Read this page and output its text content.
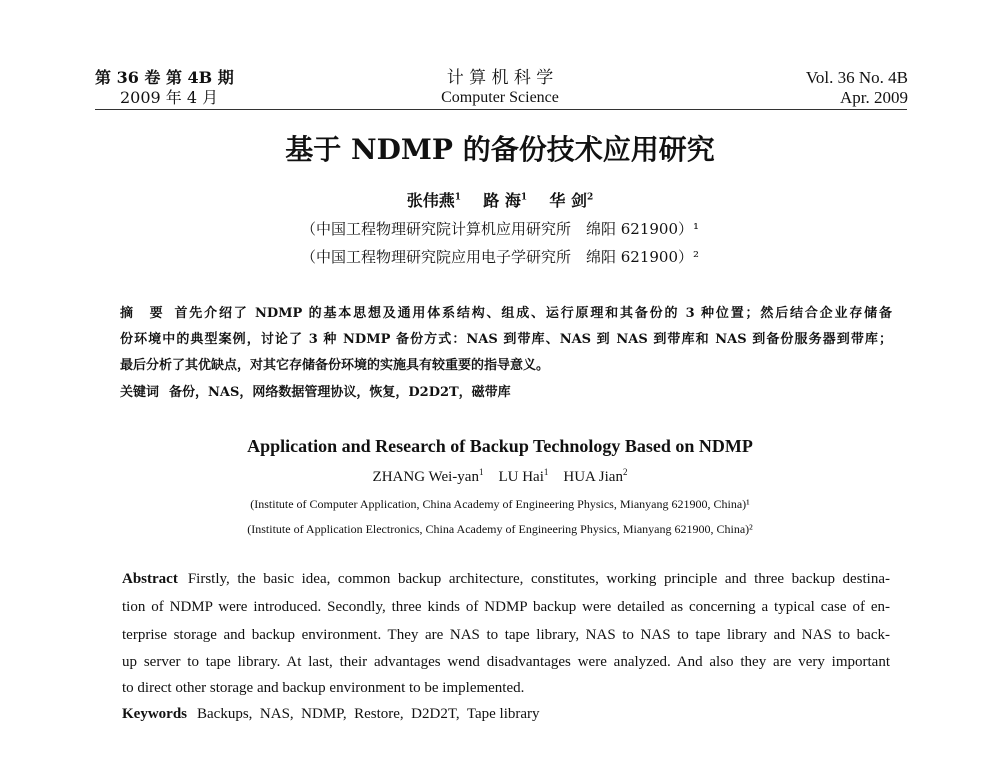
第 36 卷 第 4B 期
2009 年 4 月
计 算 机 科 学
Computer Science
Vol. 36 No. 4B
Apr. 2009
基于 NDMP 的备份技术应用研究
张伟燕$^1$ 路 海$^1$ 华 剑$^2$
（中国工程物理研究院计算机应用研究所　绵阳 621900）¹
（中国工程物理研究院应用电子学研究所　绵阳 621900）²
摘　要 首先介绍了 NDMP 的基本思想及通用体系结构、组成、运行原理和其备份的 3 种位置；然后结合企业存储备
份环境中的典型案例，讨论了 3 种 NDMP 备份方式：NAS 到带库、NAS 到 NAS 到带库和 NAS 到备份服务器到带库；
最后分析了其优缺点，对其它存储备份环境的实施具有较重要的指导意义。
关键词 备份，NAS，网络数据管理协议，恢复，D2D2T，磁带库
Application and Research of Backup Technology Based on NDMP
ZHANG Wei-yan$^1$ LU Hai$^1$ HUA Jian$^2$
(Institute of Computer Application, China Academy of Engineering Physics, Mianyang 621900, China)¹
(Institute of Application Electronics, China Academy of Engineering Physics, Mianyang 621900, China)²
Abstract Firstly, the basic idea, common backup architecture, constitutes, working principle and three backup destina-
tion of NDMP were introduced. Secondly, three kinds of NDMP backup were detailed as concerning a typical case of en-
terprise storage and backup environment. They are NAS to tape library, NAS to NAS to tape library and NAS to back-
up server to tape library. At last, their advantages wend disadvantages were analyzed. And also they are very important
to direct other storage and backup environment to be implemented.
Keywords Backups,  NAS,  NDMP,  Restore,  D2D2T,  Tape library
